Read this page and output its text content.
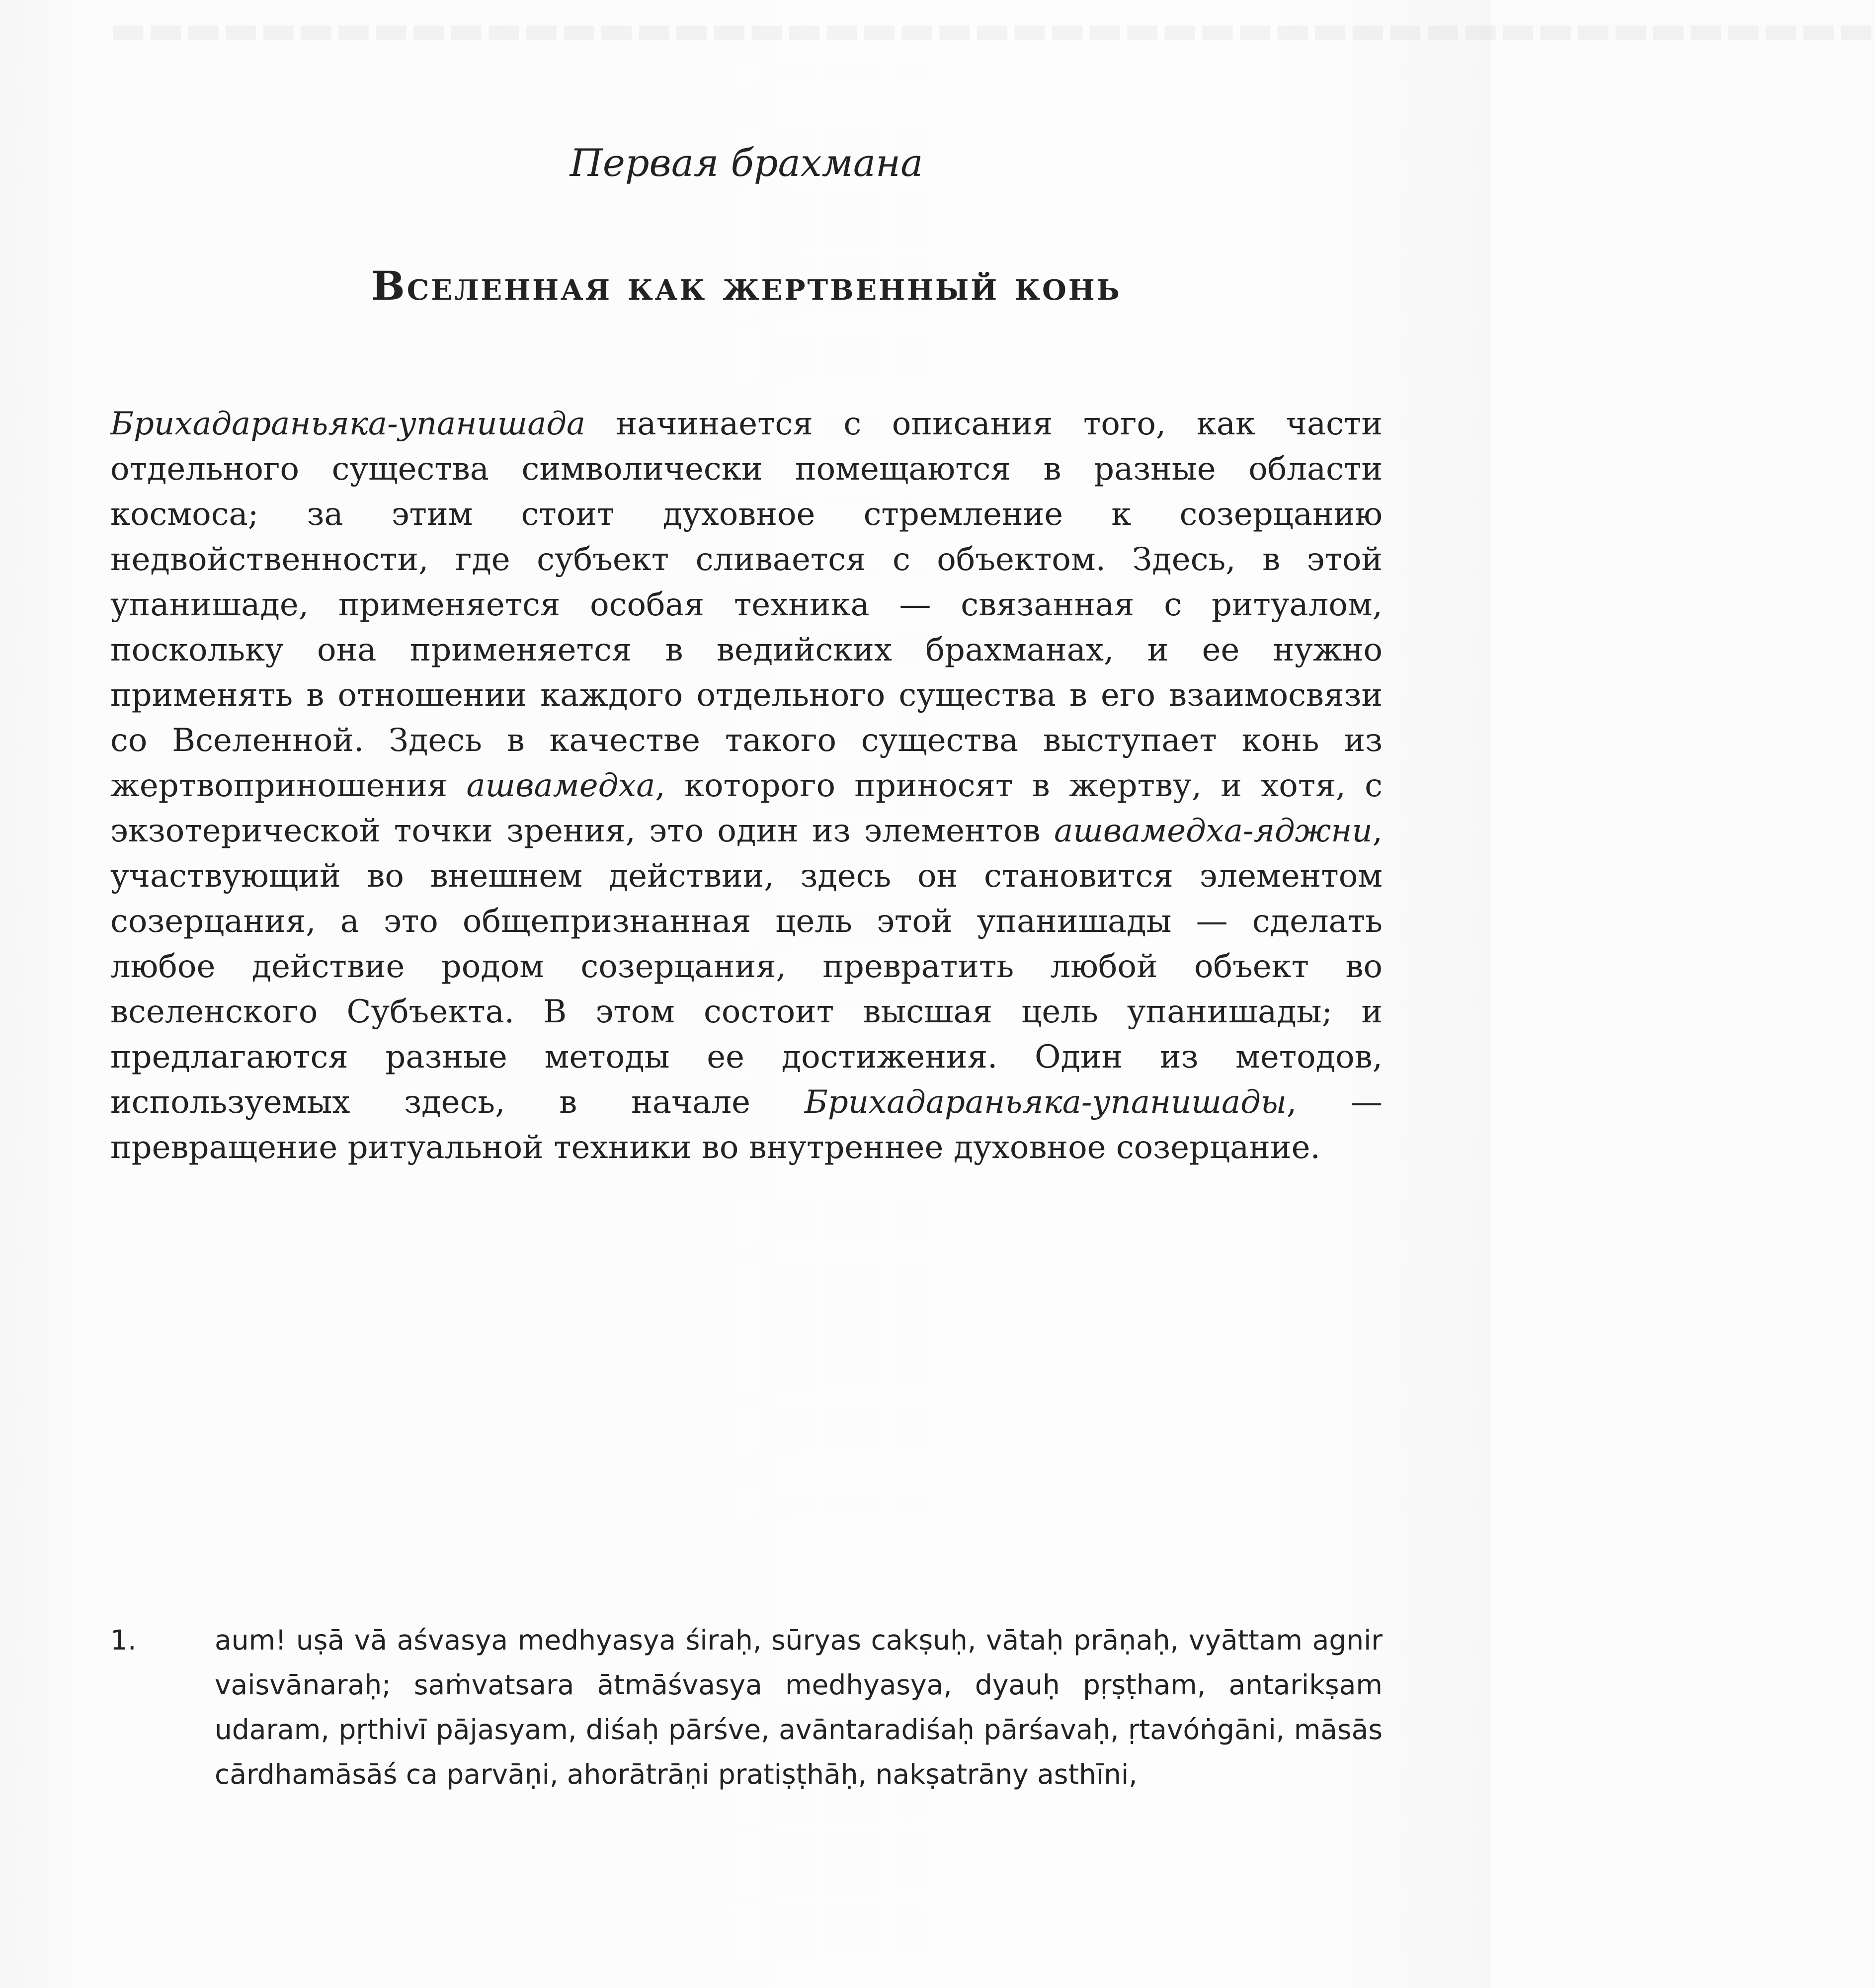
▬▬▬▬▬▬▬▬▬▬▬▬▬▬▬▬▬▬▬▬▬▬▬▬▬▬▬▬▬▬▬▬▬▬▬▬▬▬▬▬▬▬▬▬▬▬▬
Первая брахмана
Вселенная как жертвенный конь

Брихадараньяка-упанишада начинается с описания того, как части отдельного существа символически помещаются в разные области космоса; за этим стоит духовное стремление к созерцанию недвойственности, где субъект сливается с объектом. Здесь, в этой упанишаде, применяется особая техника — связанная с ритуалом, поскольку она применяется в ведийских брахманах, и ее нужно применять в отношении каждого отдельного существа в его взаимосвязи со Вселенной. Здесь в качестве такого существа выступает конь из жертвоприношения ашвамедха, которого приносят в жертву, и хотя, с экзотерической точки зрения, это один из элементов ашвамедха-яджни, участвующий во внешнем действии, здесь он становится элементом созерцания, а это общепризнанная цель этой упанишады — сделать любое действие родом созерцания, превратить любой объект во вселенского Субъекта. В этом состоит высшая цель упанишады; и предлагаются разные методы ее достижения. Один из методов, используемых здесь, в начале Брихадараньяка-упанишады, — превращение ритуальной техники во внутреннее духовное созерцание.

1.	aum! uṣā vā aśvasya medhyasya śiraḥ, sūryas cakṣuḥ, vātaḥ prāṇaḥ, vyāttam agnir vaisvānaraḥ; saṁvatsara ātmāśvasya medhyasya, dyauḥ pṛṣṭham, antarikṣam udaram, pṛthivī pājasyam, diśaḥ pārśve, avāntaradiśaḥ pārśavaḥ, ṛtavóṅgāni, māsās cārdhamāsāś ca parvāṇi, ahorātrāṇi pratiṣṭhāḥ, nakṣatrāny asthīni,
